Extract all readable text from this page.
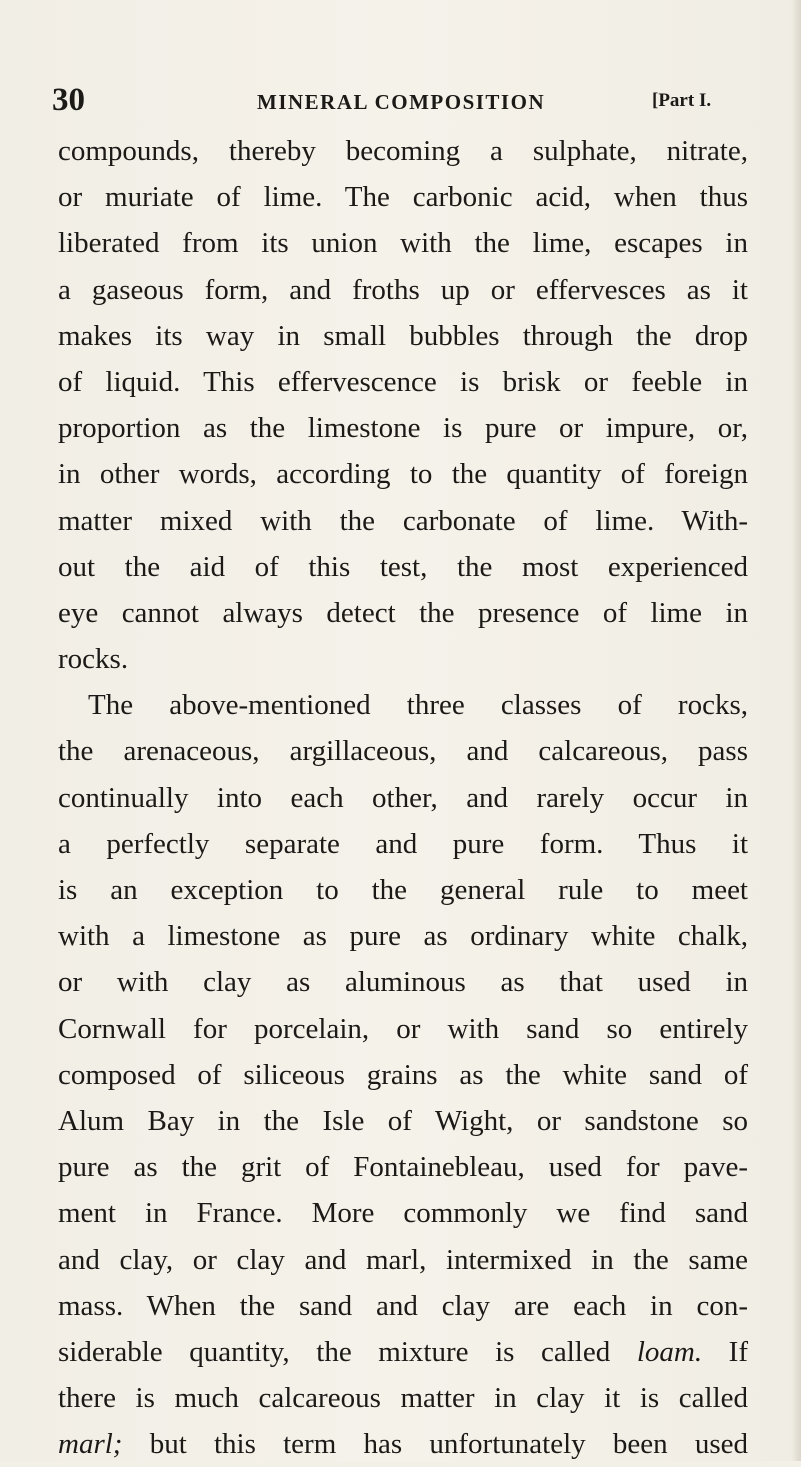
30	MINERAL COMPOSITION	[Part I.
compounds, thereby becoming a sulphate, nitrate,
or muriate of lime. The carbonic acid, when thus
liberated from its union with the lime, escapes in
a gaseous form, and froths up or effervesces as it
makes its way in small bubbles through the drop
of liquid. This effervescence is brisk or feeble in
proportion as the limestone is pure or impure, or,
in other words, according to the quantity of foreign
matter mixed with the carbonate of lime. With-
out the aid of this test, the most experienced
eye cannot always detect the presence of lime in
rocks.
The above-mentioned three classes of rocks,
the arenaceous, argillaceous, and calcareous, pass
continually into each other, and rarely occur in
a perfectly separate and pure form. Thus it
is an exception to the general rule to meet
with a limestone as pure as ordinary white chalk,
or with clay as aluminous as that used in
Cornwall for porcelain, or with sand so entirely
composed of siliceous grains as the white sand of
Alum Bay in the Isle of Wight, or sandstone so
pure as the grit of Fontainebleau, used for pave-
ment in France. More commonly we find sand
and clay, or clay and marl, intermixed in the same
mass. When the sand and clay are each in con-
siderable quantity, the mixture is called loam. If
there is much calcareous matter in clay it is called
marl; but this term has unfortunately been used
